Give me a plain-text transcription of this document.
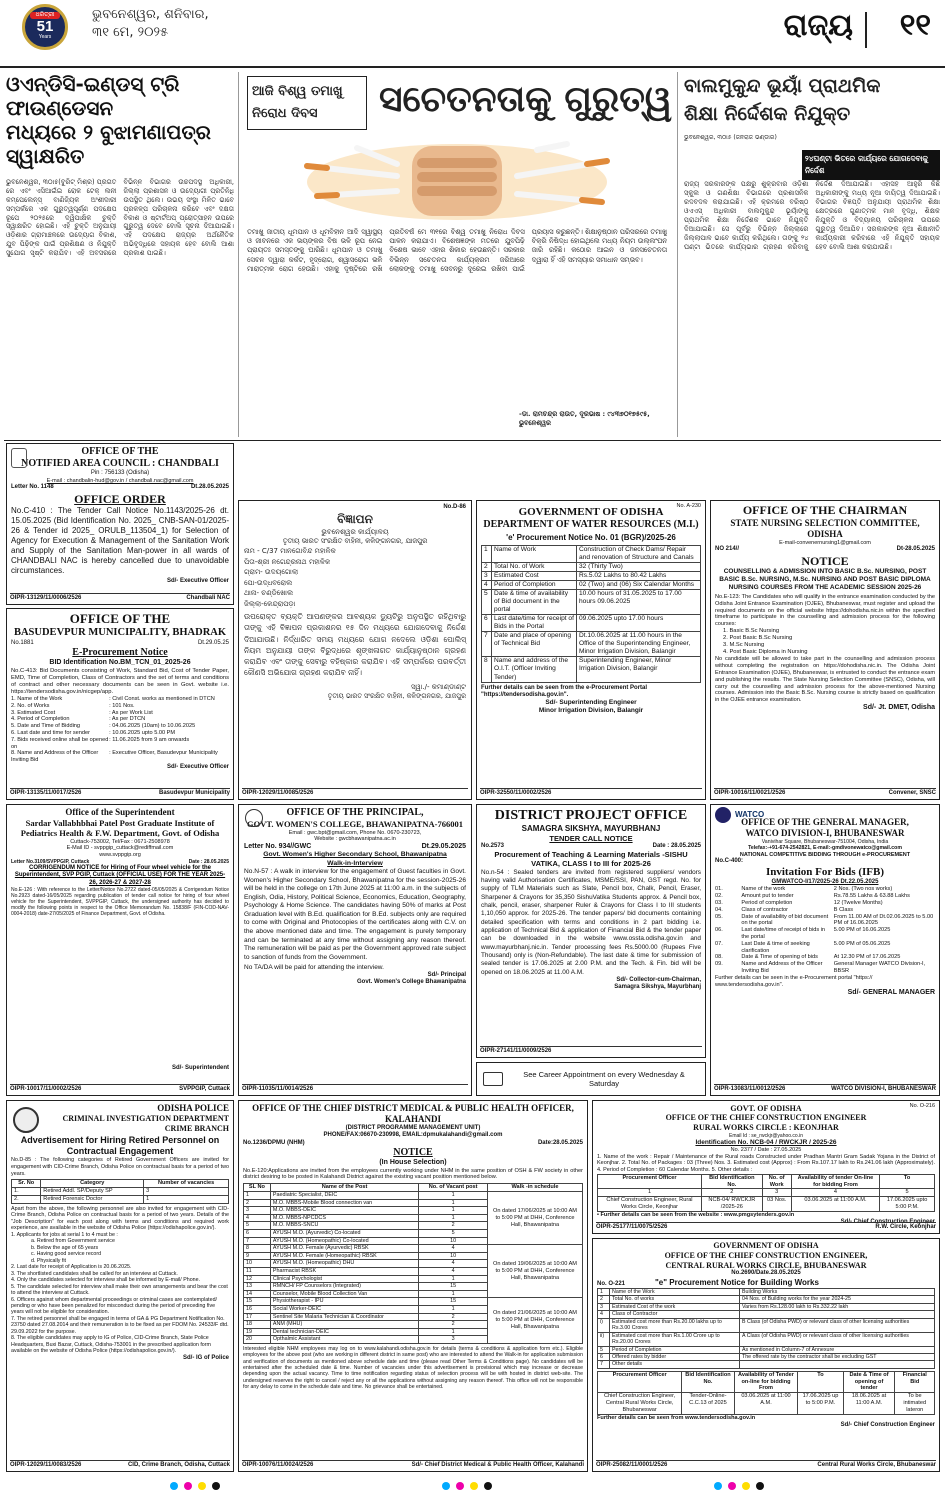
ଧରିତ୍ରୀ
51
Years
ଭୁବନେଶ୍ୱର, ଶନିବାର,
୩୧ ମେ, ୨୦୨୫	ରାଜ୍ୟ ୧୧
ଓଏନ୍‌ଡିସି-ଇଣ୍ଡସ୍‌ ଟ୍ରି ଫାଉଣ୍ଡେସନ
ମଧ୍ୟରେ ୨ ବୁଝାମଣାପତ୍ର ସ୍ୱାକ୍ଷରିତ
ଭୁବନେଶ୍ୱର, ୩୦ା୫(ବୁରିଟ୍ ମିଶ୍ର) ପ୍ରଗତ ରେ ଏବଂ ଏସିଆଇଁଇ ରୋକ ଟେକ୍ ଲନୀ କମ୍ପେଲେନ୍ସ୍ ବାଣିଜ୍ୟିକ ଅଂଶୀଦାରୀ ସମ୍ପର୍କରେ ଏକ ଗୁରୁତ୍ୱପୂର୍ଣ୍ଣ ପଦକ୍ଷେପ ରୂପେ ୨୦୨୫ରେ ଦ୍ୱିପାକ୍ଷିକ ଚୁକ୍ତି ସ୍ୱାକ୍ଷରିତ ହୋଇଛି। ଏହି ଚୁକ୍ତି ଅନୁଯାୟୀ ଓଡ଼ିଶାର ଗ୍ରାମାଞ୍ଚଳରେ ଉଦ୍ୟୋଗ ବିକାଶ, ଯୁବ ପିଢ଼ିଙ୍କ ପାଇଁ ପ୍ରଶିକ୍ଷଣ ଓ ନିଯୁକ୍ତି ସୁଯୋଗ ସୃଷ୍ଟି କରାଯିବ। ଏହି ଅବସରରେ ବିଭିନ୍ନ ବିଭାଗର ଉଚ୍ଚପଦସ୍ଥ ଅଧିକାରୀ, ଜିଲ୍ଲା ପ୍ରଶାସନ ଓ ଉଦ୍ୟୋଗୀ ପ୍ରତିନିଧି ଉପସ୍ଥିତ ଥିଲେ। ଉଭୟ ସଂସ୍ଥା ମିଳିତ ଭାବେ ପ୍ରକଳ୍ପ ପରିଚାଳନା କରିବେ ଏବଂ ଦକ୍ଷତା ବିକାଶ ଓ ଷ୍ଟାର୍ଟଅପ୍ ପ୍ରୋତ୍ସାହନ ଉପରେ ଗୁରୁତ୍ୱ ଦେବେ ବୋଲି ସୂଚନା ଦିଆଯାଇଛି। ଏହି ପଦକ୍ଷେପ ରାଜ୍ୟର ଅର୍ଥନୈତିକ ଅଭିବୃଦ୍ଧିରେ ସହାୟକ ହେବ ବୋଲି ଆଶା ପ୍ରକାଶ ପାଇଛି।
ଆଜି ବିଶ୍ୱ ତମାଖୁ ନିରୋଧ ଦିବସ	ସଚେତନତାକୁ ଗୁରୁତ୍ୱ
ତମାଖୁ ଜାତୀୟ ଧୂମପାନ ଓ ଧୂମବିହୀନ ଆଦି ସ୍ୱାସ୍ଥ୍ୟ ଓ ଜୀବନରେ ଏକ ଭୟଙ୍କର ବିଷ ଭଳି ରୂପ ନେଇ ପ୍ରାୟତଃ ସମସ୍ତଙ୍କୁ ଘାରିଛି। ଧୂମପାନ ଓ ତମାଖୁ ସେବନ ଦ୍ୱାରା କର୍କଟ, ହୃଦ୍‌ରୋଗ, ଶ୍ୱାସରୋଗ ଭଳି ମାରାତ୍ମକ ରୋଗ ହେଉଛି। ଏହାକୁ ଦୃଷ୍ଟିରେ ରଖି ପ୍ରତିବର୍ଷ ମେ ୩୧ରେ ବିଶ୍ୱ ତମାଖୁ ନିରୋଧ ଦିବସ ପାଳନ କରାଯାଏ। ବିଶେଷଜ୍ଞଙ୍କ ମତରେ ଯୁବପିଢ଼ି ବିଶେଷ ଭାବେ ଏହାର ଶିକାର ହେଉଛନ୍ତି। ସରକାର ବିଭିନ୍ନ ସଚେତନତା କାର୍ଯ୍ୟକ୍ରମ ଜରିଆରେ ଲୋକଙ୍କୁ ତମାଖୁ ସେବନରୁ ଦୂରେଇ ରଖିବା ପାଇଁ ପ୍ରୟାସ କରୁଛନ୍ତି। ଶିକ୍ଷାନୁଷ୍ଠାନ ପରିସରରେ ତମାଖୁ ବିକ୍ରି ନିଷିଦ୍ଧ ହୋଇଥିଲେ ମଧ୍ୟ ନିୟମ ଉଲ୍ଲଂଘନ ଜାରି ରହିଛି। କଠୋର ଆଇନ ଓ ଜନସଚେତନତା ଦ୍ୱାରା ହିଁ ଏହି ସମସ୍ୟାର ସମାଧାନ ସମ୍ଭବ।
-ଡା. ରାମଚନ୍ଦ୍ର ରାଉତ, ଦୂରଭାଷ : ୯୪୩୭୦୧୭୫୯୫, ଭୁବନେଶ୍ୱର
ବାଲମୁକୁନ୍ଦ ଭୂୟାଁ ପ୍ରାଥମିକ
ଶିକ୍ଷା ନିର୍ଦ୍ଦେଶକ ନିଯୁକ୍ତ
ଭୁବନେଶ୍ୱର, ୩୦ା୫ (ଜନରାଜ ଭଣ୍ଡାର)
୨୪ଘଣ୍ଟା ଭିତରେ କାର୍ଯ୍ୟରେ ଯୋଗଦେବାକୁ ନିର୍ଦ୍ଦେଶ
ରାଜ୍ୟ ସରକାରଙ୍କ ପକ୍ଷରୁ ଶୁକ୍ରବାର ଓଡ଼ିଶା ସ୍କୁଲ ଓ ଗଣଶିକ୍ଷା ବିଭାଗରେ ପ୍ରଶାସନିକ ରଦବଦଳ କରାଯାଇଛି। ଏହି କ୍ରମରେ ବରିଷ୍ଠ ଓଏଏସ୍ ଅଧିକାରୀ ବାଲମୁକୁନ୍ଦ ଭୂୟାଁଙ୍କୁ ପ୍ରାଥମିକ ଶିକ୍ଷା ନିର୍ଦ୍ଦେଶକ ଭାବେ ନିଯୁକ୍ତି ଦିଆଯାଇଛି। ସେ ପୂର୍ବରୁ ବିଭିନ୍ନ ଜିଲ୍ଲାରେ ଜିଲ୍ଲାପାଳ ଭାବେ କାର୍ଯ୍ୟ କରିଥିଲେ। ତାଙ୍କୁ ୨୪ ଘଣ୍ଟା ଭିତରେ କାର୍ଯ୍ୟଭାର ଗ୍ରହଣ କରିବାକୁ ନିର୍ଦ୍ଦେଶ ଦିଆଯାଇଛି। ଏହାସହ ଆହୁରି କିଛି ଅଧିକାରୀଙ୍କୁ ମଧ୍ୟ ନୂଆ ଦାୟିତ୍ୱ ଦିଆଯାଇଛି। ବିଭାଗର ବିଜ୍ଞପ୍ତି ଅନୁଯାୟୀ ପ୍ରାଥମିକ ଶିକ୍ଷା କ୍ଷେତ୍ରରେ ଗୁଣାତ୍ମକ ମାନ ବୃଦ୍ଧି, ଶିକ୍ଷକ ନିଯୁକ୍ତି ଓ ବିଦ୍ୟାଳୟ ପରିଚାଳନା ଉପରେ ଗୁରୁତ୍ୱ ଦିଆଯିବ। ସରକାରଙ୍କ ନୂଆ ଶିକ୍ଷାନୀତି କାର୍ଯ୍ୟକାରୀ କରିବାରେ ଏହି ନିଯୁକ୍ତି ସହାୟକ ହେବ ବୋଲି ଆଶା କରାଯାଉଛି।
OFFICE OF THE
NOTIFIED AREA COUNCIL : CHANDBALI
Pin : 756133 (Odisha)
E-mail : chandbalin-hud@gov.in / chandbali.nac@gmail.com
Letter No. 1148	Dt.28.05.2025
OFFICE ORDER
No.C-410 : The Tender Call Notice No.1143/2025-26 dt. 15.05.2025 (Bid Identification No. 2025_ CNB-SAN-01/2025-26 & Tender id 2025_ ORULB_113504_1) for Selection of Agency for Execution & Management of the Sanitation Work and Supply of the Sanitation Man-power in all wards of CHANDBALI NAC is hereby cancelled due to unavoidable circumstances.
Sd/- Executive Officer
OIPR-13129/11/0006/2526	Chandbali NAC
OFFICE OF THE
BASUDEVPUR MUNICIPALITY, BHADRAK
No.1881	Dt.29.05.25
E-Procurement Notice
BID Identification No.BM_TCN_01_2025-26
No.C-413: Bid Documents consisting of Work, Standard Bid, Cost of Tender Paper, EMD, Time of Completion, Class of Contractors and the set of terms and conditions of contract and other necessary documents can be seen in Govt. website i.e. https://tendersodisha.gov.in/nicgep/app.
1. Name of the Work	: Civil Const. works as mentioned in DTCN
2. No. of Works	: 101 Nos.
3. Estimated Cost	: As per Work List
4. Period of Completion	: As per DTCN
5. Date and Time of Bidding	: 04.06.2025 (10am) to 10.06.2025
6. Last date and time for sender	: 10.06.2025 upto 5.00 PM
7. Bids received online shall be opened on
: 11.06.2025 from 9 am onwards
8. Name and Address of the Officer Inviting Bid
: Executive Officer, Basudevpur Municipality
Sd/- Executive Officer
OIPR-13135/11/0017/2526	Basudevpur Municipality
No.D-86
ବିଜ୍ଞାପନ
ଭୁବନେଶ୍ୱର କାର୍ଯ୍ୟାଳୟ
ତୃତୀୟ ଭାରତ ସଂରକ୍ଷିତ ବାହିନୀ, କଳିଙ୍ଗନଗର, ଯାଜପୁର
ନାମ - C/37 ମାନଗୋବିନ୍ଦ ମହାଳିକ
ପିତା-ଶ୍ରୀ ନଗେନ୍ଦ୍ରନାଥ ମହାଳିକ
ଗ୍ରାମ- ଉଦୟଗୋଲା
ପୋ-ଉଦ୍ଧବରୋଲ
ଥାନା- ଚଣ୍ଡିଖୋଲ
ଜିଲ୍ଲା-କେନ୍ଦ୍ରାପଡ଼ା
ଉପରୋକ୍ତ ବ୍ୟକ୍ତି ଆପଣଙ୍କର ଆବଶ୍ୟକ ଡ୍ୟୁଟିରୁ ଅନୁପସ୍ଥିତ ରହିଥିବାରୁ ତାଙ୍କୁ ଏହି ବିଜ୍ଞାପନ ପ୍ରକାଶନର ୧୫ ଦିନ ମଧ୍ୟରେ ଯୋଗଦେବାକୁ ନିର୍ଦ୍ଦେଶ ଦିଆଯାଉଛି। ନିର୍ଦ୍ଧାରିତ ସମୟ ମଧ୍ୟରେ ଯୋଗ ନଦେଲେ ଓଡ଼ିଶା ପୋଲିସ୍ ନିୟମ ଅନୁଯାୟୀ ତାଙ୍କ ବିରୁଦ୍ଧରେ ଶୃଙ୍ଖଳାଗତ କାର୍ଯ୍ୟାନୁଷ୍ଠାନ ଗ୍ରହଣ କରାଯିବ ଏବଂ ତାଙ୍କୁ ସେବାରୁ ବହିଷ୍କାର କରାଯିବ। ଏହି ସମ୍ପର୍କରେ ପରବର୍ତ୍ତୀ କୌଣସି ଅଭିଯୋଗ ଗ୍ରହଣ କରାଯିବ ନାହିଁ।
ସ୍ୱା./- କମାଣ୍ଡାଣ୍ଟ
ତୃତୀୟ ଭାରତ ସଂରକ୍ଷିତ ବାହିନୀ, କଳିଙ୍ଗନଗର, ଯାଜପୁର
OIPR-12029/11/0085/2526
No. A-230
GOVERNMENT OF ODISHA
DEPARTMENT OF WATER RESOURCES (M.I.)
'e' Procurement Notice No. 01 (BGR)/2025-26
1	Name of Work	Construction of Check Dams/ Repair and renovation of Structure and Canals
2	Total No. of Work	32 (Thirty Two)
3	Estimated Cost	Rs.5.02 Lakhs to 80.42 Lakhs
4	Period of Completion	02 (Two) and (06) Six Calendar Months
5	Date & time of availability of Bid document in the portal	10.00 hours of 31.05.2025 to 17.00 hours 09.06.2025
6	Last date/time for receipt of Bids in the Portal	09.06.2025 upto 17.00 hours
7	Date and place of opening of Technical Bid	Dt.10.06.2025 at 11.00 hours in the Office of the Superintending Engineer, Minor Irrigation Division, Balangir
8	Name and address of the O.I.T. (Officer Inviting Tender)	Superintending Engineer, Minor Irrigation Division, Balangir
Further details can be seen from the e-Procurement Portal "https://tendersodisha.gov.in".
Sd/- Superintending Engineer
Minor Irrigation Division, Balangir
OIPR-32550/11/0002/2526
OFFICE OF THE CHAIRMAN
STATE NURSING SELECTION COMMITTEE, ODISHA
E-mail-convenernursing1@gmail.com
NO 214//	Dt-28.05.2025
NOTICE
COUNSELLING & ADMISSION INTO BASIC B.Sc. NURSING, POST BASIC B.Sc. NURSING, M.Sc. NURSING AND POST BASIC DIPLOMA NURSING COURSES FROM THE ACADEMIC SESSION 2025-26
No.E-123: The Candidates who will qualify in the entrance examination conducted by the Odisha Joint Entrance Examination (OJEE), Bhubaneswar, must register and upload the required documents on the official website https://dohodisha.nic.in within the specified timeframe to participate in the counselling and admission process for the following courses:
1. Basic B.Sc Nursing
2. Post Basic B.Sc Nursing
3. M.Sc Nursing
4. Post Basic Diploma in Nursing
No candidate will be allowed to take part in the counselling and admission process without completing the registration on https://dohodisha.nic.in. The Odisha Joint Entrance Examination (OJEE), Bhubaneswar, is entrusted to conduct the entrance exam and publishing the results. The State Nursing Selection Committee (SNSC), Odisha, will carry out the counselling and admission process for the above-mentioned Nursing courses. Admission into the Basic B.Sc. Nursing course is strictly based on qualification in the OJEE entrance examination.
Sd/- Jt. DMET, Odisha
OIPR-10016/11/0021/2526	Convener, SNSC
Office of the Superintendent
Sardar Vallabhbhai Patel Post Graduate Institute of Pediatrics Health & F.W. Department, Govt. of Odisha
Cuttack-753002, Tel/Fax : 0671-2508978
E-Mail ID - svppgip_cuttack@rediffmail.com
www.svppgip.org
Letter No.3109/SVPPGIP, Cuttack	Date : 28.05.2025
CORRIGENDUM NOTICE for Hiring of Four wheel vehicle for the Superintendent, SVP PGIP, Cuttack (OFFICIAL USE) FOR THE YEAR 2025-26, 2026-27 & 2027-28
No.E-126 : With reference to the Letter/Notice No.2722 dated-05/05/2025 & Corrigendum Notice No.2923 dated-16/05/2025 regarding publication of tender call notice for hiring of four wheel vehicle for the Superintendent, SVPPGIP, Cuttack, the undersigned authority has decided to modify the following points in respect to the Office Memorandum No. 15838/F (FIN-COD-NAV-0004-2018) date-27/05/2025 of Finance Department, Govt. of Odisha.
Sd/- Superintendent
OIPR-10017/11/0002/2526	SVPPGIP, Cuttack
OFFICE OF THE PRINCIPAL,
GOVT. WOMEN'S COLLEGE, BHAWANIPATNA-766001
Email : gwc.bpt@gmail.com, Phone No. 0670-230723,
Website : gwcbhawanipatna.ac.in
Letter No. 934//GWC	Dt.29.05.2025
Govt. Women's Higher Secondary School, Bhawanipatna
Walk-in-Interview
No.N-57 : A walk in interview for the engagement of Guest faculties in Govt. Women's Higher Secondary School, Bhawanipatna for the session-2025-26 will be held in the college on 17th June 2025 at 11:00 a.m. in the subjects of English, Odia, History, Political Science, Economics, Education, Geography, Psychology & Home Science. The candidates having 50% of marks at Post Graduation level with B.Ed. qualification for B.Ed. subjects only are required to come with Original and Photocopies of the certificates along with C.V. on the above mentioned date and time. The engagement is purely temporary and can be terminated at any time without assigning any reason thereof. The remuneration will be paid as per the Government approved rate subject to sanction of funds from the Government.
No TA/DA will be paid for attending the interview.
Sd/- Principal
Govt. Women's College Bhawanipatna
OIPR-11035/11/0014/2526
DISTRICT PROJECT OFFICE
SAMAGRA SIKSHYA, MAYURBHANJ
TENDER CALL NOTICE
No.2573	Date : 28.05.2025
Procurement of Teaching & Learning Materials -SISHU VATIKA, CLASS I to III for 2025-26
No.n-54 : Sealed tenders are invited from registered suppliers/ vendors having valid Authorisation Certificates, MSME/SSI, PAN, GST regd. No. for supply of TLM Materials such as Slate, Pencil box, Chalk, Pencil, Eraser, Sharpener & Crayons for 35,350 SishuVatika Students approx. & Pencil box, chalk, pencil, eraser, sharpener Ruler & Crayons for Class I to III students 1,10,050 approx. for 2025-26. The tender papers/ bid documents containing detailed specification with terms and conditions in 2 part bidding i.e. application of Technical Bid & application of Financial Bid & the tender paper can be downloaded in the website www.ossta.odisha.gov.in and www.mayurbhanj.nic.in. Tender processing fees Rs.5000.00 (Rupees Five Thousand) only is (Non-Refundable). The last date & time for submission of sealed tender is 17.06.2025 at 2.00 P.M. and the Tech. & Fin. bid will be opened on 18.06.2025 at 11.00 A.M.
Sd/- Collector-cum-Chairman,
Samagra Sikshya, Mayurbhanj
OIPR-27141/11/0009/2526
See Career Appointment on every Wednesday & Saturday
WATCO
OFFICE OF THE GENERAL MANAGER,
WATCO DIVISION-I, BHUBANESWAR
Vanivihar Square, Bhubaneswar-751004, Odisha, India
Telefax:-+91-674-2542821, E-mail:-gmdivonewatco@gmail.com
NATIONAL COMPETITIVE BIDDING THROUGH e-PROCUREMENT
No.C-400:
Invitation For Bids (IFB)
GMWATCO-I/17/2025-26 Dt.22.05.2025
01.	Name of the work	2 Nos. (Two nos works)
02.	Amount put to tender	Rs.78.55 Lakhs & 63.88 Lakhs
03.	Period of completion	12 (Twelve Months)
04.	Class of contractor	B Class
05.	Date of availability of bid document on the portal
From 11.00 AM of Dt.02.06.2025 to 5.00 PM of 16.06.2025
06.	Last date/time of receipt of bids in the portal
5.00 PM of 16.06.2025
07.	Last Date & time of seeking clarification
5.00 PM of 05.06.2025
08.	Date & Time of opening of bids	At 12.30 PM of 17.06.2025
09.	Name and Address of the Officer Inviting Bid
General Manager WATCO Division-I, BBSR
Further details can be seen in the e-Procurement portal "https:// www.tendersodisha.gov.in".
Sd/- GENERAL MANAGER
OIPR-13083/11/0012/2526	WATCO DIVISION-I, BHUBANESWAR
ODISHA POLICE
CRIMINAL INVESTIGATION DEPARTMENT
CRIME BRANCH
Advertisement for Hiring Retired Personnel on Contractual Engagement
No.D-85 : The following categories of Retired Government Officers are invited for engagement with CID-Crime Branch, Odisha Police on contractual basis for a period of two years.
Sr. No	Category	Number of vacancies
1.	Retired Addl. SP/Deputy SP	3
2.	Retired Forensic Doctor	1
Apart from the above, the following personnel are also invited for engagement with CID-Crime Branch, Odisha Police on contractual basis for a period of two years. Details of the "Job Description" for each post along with terms and conditions and required work experience, are available in the website of Odisha Police (https://odishapolice.gov.in/).
1. Applicants for jobs at serial 1 to 4 must be :
a. Retired from Government service
b. Below the age of 65 years
c. Having good service record
d. Physically fit
2. Last date for receipt of Application is 20.06.2025.
3. The shortlisted candidates shall be called for an interview at Cuttack.
4. Only the candidates selected for interview shall be informed by E-mail/ Phone.
5. The candidate selected for interview shall make their own arrangements and bear the cost to attend the interview at Cuttack.
6. Officers against whom departmental proceedings or criminal cases are contemplated/ pending or who have been penalized for misconduct during the period of preceding five years will not be eligible for consideration.
7. The retired personnel shall be engaged in terms of GA & PG Department Notification No. 23750 dated 27.08.2014 and their remuneration is to be fixed as per FDOM No. 24533/F dtd. 29.09.2022 for the purpose.
8. The eligible candidates may apply to IG of Police, CID-Crime Branch, State Police Headquarters, Buxi Bazar, Cuttack, Odisha-753001 in the prescribed application form available on the website of Odisha Police (https://odishapolice.gov.in/).
Sd/- IG of Police
OIPR-12029/11/0083/2526	CID, Crime Branch, Odisha, Cuttack
OFFICE OF THE CHIEF DISTRICT MEDICAL & PUBLIC HEALTH OFFICER, KALAHANDI
(DISTRICT PROGRAMME MANAGEMENT UNIT)
PHONE/FAX:06670-230998, EMAIL:dpmukalahandi@gmail.com
No.1236/DPMU (NHM)	Date:28.05.2025
NOTICE
(In House Selection)
No.E-120:Applications are invited from the employees currently working under NHM in the same position of OSH & FW society in other district desiring to be posted in Kalahandi District against the existing vacant position mentioned below.
SL No	Name of the Post	No. of Vacant post	Walk -in schedule
1	Paediatric Specialist, DEIC	1	On dated 17/06/2025 at 10:00 AM to 5:00 PM at DHH, Conference Hall, Bhawanipatna
2	M.O. MBBS-Mobile Blood connection van	1	
3	M.O. MBBS-DEIC	1	
4	M.O. MBBS-NPCDCS	1	
5	M.O. MBBS-SNCU	2	
6	AYUSH M.O. (Ayurvedic) Co-located	5	
7	AYUSH M.O. (Homeopathic) Co-located	10	
8	AYUSH M.O. Female (Ayurvedic) RBSK	4	On dated 19/06/2025 at 10:00 AM to 5:00 PM at DHH, Conference Hall, Bhawanipatna
9	AYUSH M.O. Female (Homeopathic) RBSK	10	
10	AYUSH M.O. (Homeopathic) DHU	4	
11	Pharmacist RBSK	4	
12	Clinical Psychologist	1	
13	RMNCH/ FP Counselors (Integrated)	15	
14	Counselor, Mobile Blood Collection Van	1	
15	Physiotherapist - IPU	15	On dated 21/06/2025 at 10:00 AM to 5:00 PM at DHH, Conference Hall, Bhawanipatna
16	Social Worker-DEIC	1	
17	Sentinel Site Malaria Technician & Coordinator	2	
18	ANM (MHU)	2	
19	Dental technician-DEIC	1	
20	Opthalmic Assistant	3	
Interested eligible NHM employees may log on to www.kalahandi.odisha.gov.in for details (terms & conditions & application form etc.). Eligible employees for the above post (who are working in different district in same post) who are interested to attend the Walk-in for application submission and verification of documents as mentioned above schedule date and time (please read Other Terms & Conditions page). No candidates will be entertained after the scheduled date & time. Number of vacancies under this advertisement is provisional which may increase or decrease depending upon the actual vacancy. Time to time notification regarding status of selection process will be with hosted in district web-site. The undersigned reserves the right to cancel / reject any or all the applications without assigning any reason thereof. This office will not be responsible for any delay to come in the schedule date and time. No grievance shall be entertained.
OIPR-10076/11/0024/2526	Sd/- Chief District Medical & Public Health Officer, Kalahandi
No. O-216
GOVT. OF ODISHA
OFFICE OF THE CHIEF CONSTRUCTION ENGINEER
RURAL WORKS CIRCLE : KEONJHAR
Email Id : se_rwckjr@yahoo.co.in
Identification No. NCB-04 / RWCKJR / 2025-26
No. 2377 / Date : 27.05.2025
1. Name of the work : Repair / Maintenance of the Rural roads Constructed under Pradhan Mantri Gram Sadak Yojana in the District of Keonjhar. 2. Total No. of Packages : 03 (Three) Nos. 3. Estimated cost (Approx) : From Rs.107.17 lakh to Rs.241.06 lakh (Approximately). 4. Period of Completion : 60 Calendar Months. 5. Other details :
Procurement Officer	Bid Identification No.	No. of Work	Availability of tender On-line for bidding From	To
1	2	3	4	5
Chief Construction Engineer, Rural Works Circle, Keonjhar	NCB-04/ RWCKJR /2025-26	03 Nos.	03.06.2025 at 11:00 A.M.	17.06.2025 upto 5:00 P.M.
• Further details can be seen from the website : www.pmgsytenders.gov.in
Sd/- Chief Construction Engineer
OIPR-25177/11/0075/2526	R.W. Circle, Keonjhar
GOVERNMENT OF ODISHA
OFFICE OF THE CHIEF CONSTRUCTION ENGINEER,
CENTRAL RURAL WORKS CIRCLE, BHUBANESWAR
No.2690/Date.28.05.2025
No. O-221	"e" Procurement Notice for Building Works
1	Name of the Work	Building Works
2	Total No. of works	04 Nos. of Building works for the year 2024-25
3	Estimated Cost of the work	Varies from Rs.128.00 lakh to Rs.332.22 lakh
4	Class of Contractor	
i)	Estimated cost more than Rs.20.00 lakhs up to Rs.3.00 Crores	B Class (of Odisha PWD) or relevant class of other licensing authorities
ii)	Estimated cost more than Rs.1.00 Crore up to Rs.20.00 Crores	A Class (of Odisha PWD) or relevant class of other licensing authorities
5	Period of Completion	As mentioned in Column-7 of Annexure
6	Offered rates by bidder	The offered rate by the contractor shall be excluding GST
7	Other details	
Procurement Officer	Bid Identification No.	Availability of Tender on-line for bidding From	To	Date & Time of opening of tender	Financial Bid
Chief Construction Engineer, Central Rural Works Circle, Bhubaneswar	Tender-Online-C.C.13 of 2025	03.06.2025 at 11:00 A.M.	17.06.2025 up to 5:00 P.M.	18.06.2025 at 11:00 A.M.	To be intimated lateron
Further details can be seen from www.tendersodisha.gov.in
Sd/- Chief Construction Engineer
OIPR-25082/11/0001/2526	Central Rural Works Circle, Bhubaneswar
